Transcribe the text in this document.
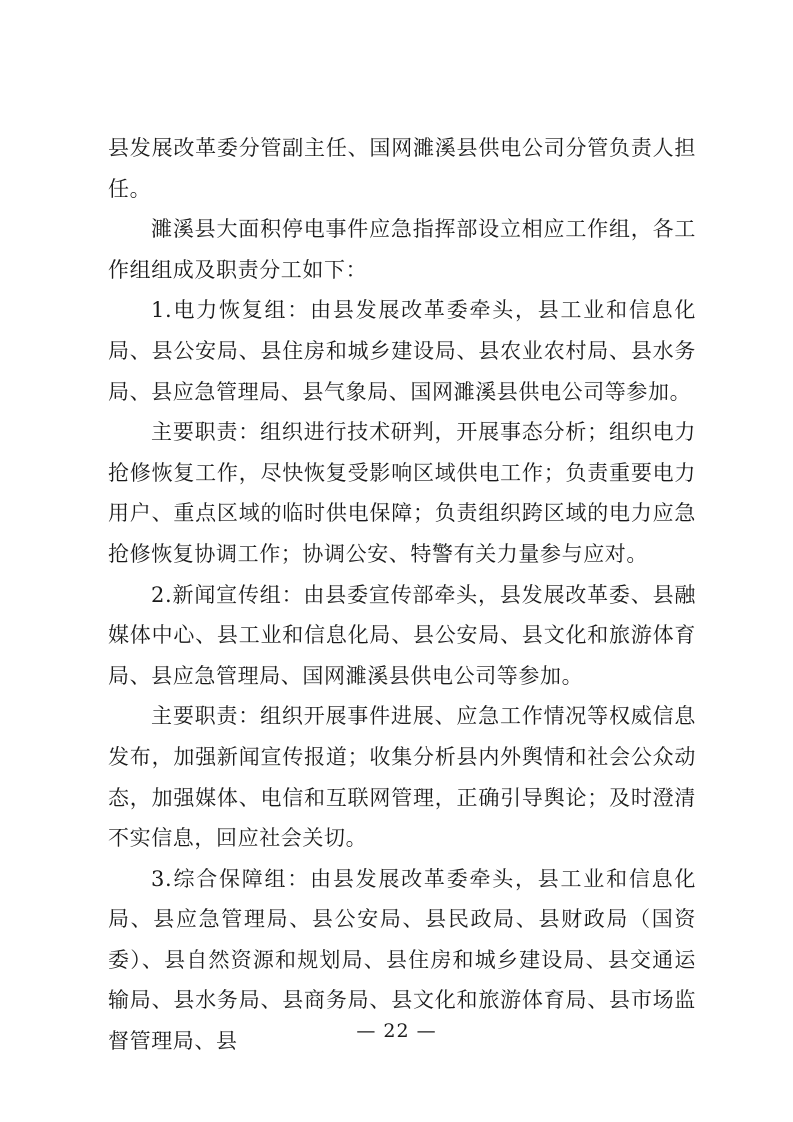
县发展改革委分管副主任、国网濉溪县供电公司分管负责人担任。

濉溪县大面积停电事件应急指挥部设立相应工作组，各工作组组成及职责分工如下：

1.电力恢复组：由县发展改革委牵头，县工业和信息化局、县公安局、县住房和城乡建设局、县农业农村局、县水务局、县应急管理局、县气象局、国网濉溪县供电公司等参加。

主要职责：组织进行技术研判，开展事态分析；组织电力抢修恢复工作，尽快恢复受影响区域供电工作；负责重要电力用户、重点区域的临时供电保障；负责组织跨区域的电力应急抢修恢复协调工作；协调公安、特警有关力量参与应对。

2.新闻宣传组：由县委宣传部牵头，县发展改革委、县融媒体中心、县工业和信息化局、县公安局、县文化和旅游体育局、县应急管理局、国网濉溪县供电公司等参加。

主要职责：组织开展事件进展、应急工作情况等权威信息发布，加强新闻宣传报道；收集分析县内外舆情和社会公众动态，加强媒体、电信和互联网管理，正确引导舆论；及时澄清不实信息，回应社会关切。

3.综合保障组：由县发展改革委牵头，县工业和信息化局、县应急管理局、县公安局、县民政局、县财政局（国资委）、县自然资源和规划局、县住房和城乡建设局、县交通运输局、县水务局、县商务局、县文化和旅游体育局、县市场监督管理局、县	— 22 —
